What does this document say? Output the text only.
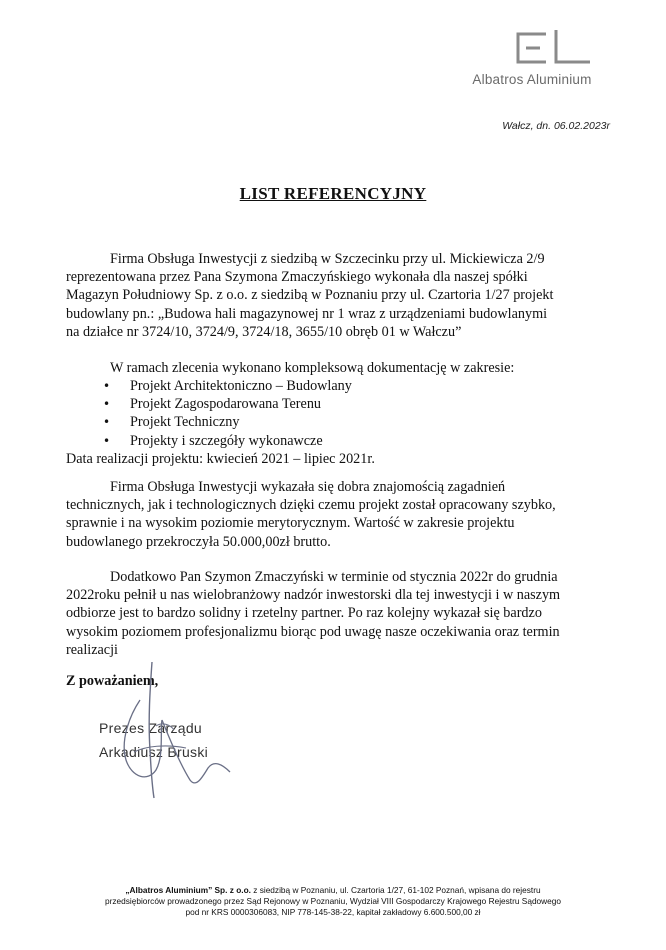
Albatros Aluminium
Wałcz, dn. 06.02.2023r
LIST REFERENCYJNY

Firma Obsługa Inwestycji z siedzibą w Szczecinku przy ul. Mickiewicza 2/9
reprezentowana przez Pana Szymona Zmaczyńskiego wykonała dla naszej spółki
Magazyn Południowy Sp. z o.o. z siedzibą w Poznaniu przy ul. Czartoria 1/27 projekt
budowlany pn.: „Budowa hali magazynowej nr 1 wraz z urządzeniami budowlanymi
na działce nr 3724/10, 3724/9, 3724/18, 3655/10 obręb 01 w Wałczu”

W ramach zlecenia wykonano kompleksową dokumentację w zakresie:

• Projekt Architektoniczno – Budowlany
• Projekt Zagospodarowana Terenu
• Projekt Techniczny
• Projekty i szczegóły wykonawcze

Data realizacji projektu: kwiecień 2021 – lipiec 2021r.

Firma Obsługa Inwestycji wykazała się dobra znajomością zagadnień
technicznych, jak i technologicznych dzięki czemu projekt został opracowany szybko,
sprawnie i na wysokim poziomie merytorycznym. Wartość w zakresie projektu
budowlanego przekroczyła 50.000,00zł brutto.

Dodatkowo Pan Szymon Zmaczyński w terminie od stycznia 2022r do grudnia
2022roku pełnił u nas wielobranżowy nadzór inwestorski dla tej inwestycji i w naszym
odbiorze jest to bardzo solidny i rzetelny partner. Po raz kolejny wykazał się bardzo
wysokim poziomem profesjonalizmu biorąc pod uwagę nasze oczekiwania oraz termin
realizacji

Z poważaniem,
Prezes Zarządu
Arkadiusz Bruski
„Albatros Aluminium” Sp. z o.o. z siedzibą w Poznaniu, ul. Czartoria 1/27, 61-102 Poznań, wpisana do rejestru
przedsiębiorców prowadzonego przez Sąd Rejonowy w Poznaniu, Wydział VIII Gospodarczy Krajowego Rejestru Sądowego
pod nr KRS 0000306083, NIP 778-145-38-22, kapitał zakładowy 6.600.500,00 zł
